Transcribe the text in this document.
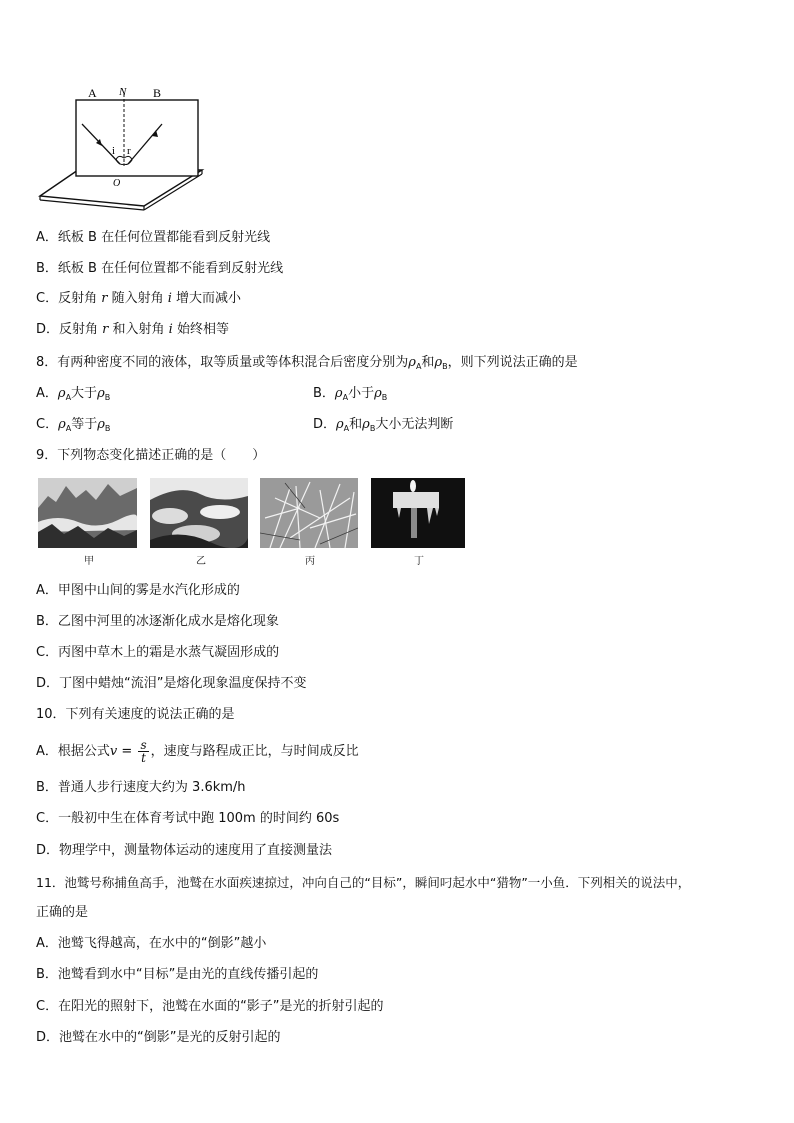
A N B
i r
O
A．纸板 B 在任何位置都能看到反射光线
B．纸板 B 在任何位置都不能看到反射光线
C．反射角 r 随入射角 i 增大而减小
D．反射角 r 和入射角 i 始终相等
8．有两种密度不同的液体，取等质量或等体积混合后密度分别为$\rho_A$和$\rho_B$，则下列说法正确的是
A．$\rho_A$大于$\rho_B$	B．$\rho_A$小于$\rho_B$
C．$\rho_A$等于$\rho_B$	D．$\rho_A$和$\rho_B$大小无法判断
9．下列物态变化描述正确的是（　　）
甲	乙	丙	丁
A．甲图中山间的雾是水汽化形成的
B．乙图中河里的冰逐渐化成水是熔化现象
C．丙图中草木上的霜是水蒸气凝固形成的
D．丁图中蜡烛“流泪”是熔化现象温度保持不变
10．下列有关速度的说法正确的是
A．根据公式$v = \frac{s}{t}$ ，速度与路程成正比，与时间成反比
B．普通人步行速度大约为 3.6km/h
C．一般初中生在体育考试中跑 100m 的时间约 60s
D．物理学中，测量物体运动的速度用了直接测量法
11．池鹫号称捕鱼高手，池鹫在水面疾速掠过，冲向自己的“目标”，瞬间叼起水中“猎物”一小鱼．下列相关的说法中，
正确的是
A．池鹫飞得越高，在水中的“倒影”越小
B．池鹫看到水中“目标”是由光的直线传播引起的
C．在阳光的照射下，池鹫在水面的“影子”是光的折射引起的
D．池鹫在水中的“倒影”是光的反射引起的
